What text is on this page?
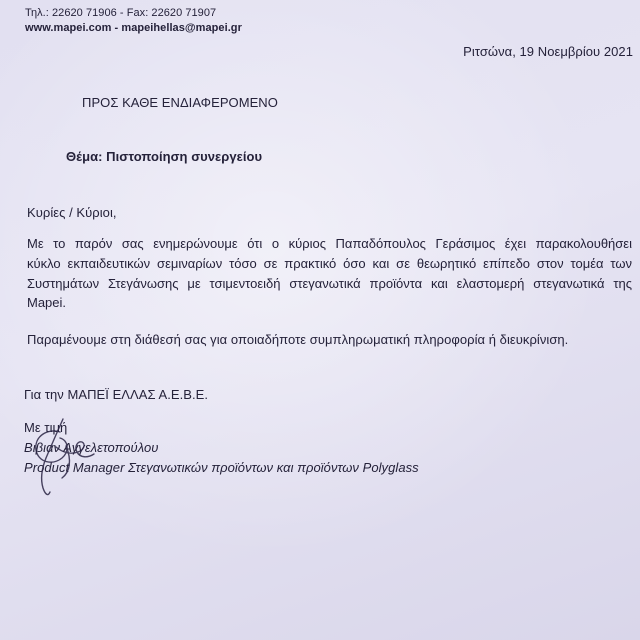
Τηλ.: 22620 71906 - Fax: 22620 71907
www.mapei.com - mapeihellas@mapei.gr
Ριτσώνα, 19 Νοεμβρίου 2021
ΠΡΟΣ ΚΑΘΕ ΕΝΔΙΑΦΕΡΟΜΕΝΟ
Θέμα: Πιστοποίηση συνεργείου
Κυρίες / Κύριοι,
Με το παρόν σας ενημερώνουμε ότι ο κύριος Παπαδόπουλος Γεράσιμος έχει παρακολουθήσει
κύκλο εκπαιδευτικών σεμιναρίων τόσο σε πρακτικό όσο και σε θεωρητικό επίπεδο στον τομέα των
Συστημάτων Στεγάνωσης με τσιμεντοειδή στεγανωτικά προϊόντα και ελαστομερή στεγανωτικά της
Mapei.
Παραμένουμε στη διάθεσή σας για οποιαδήποτε συμπληρωματική πληροφορία ή διευκρίνιση.
Για την ΜΑΠΕΪ ΕΛΛΑΣ Α.Ε.Β.Ε.
Με τιμή
Βιβιαν Αγγελετοπούλου
Product Manager Στεγανωτικών προϊόντων και προϊόντων Polyglass
